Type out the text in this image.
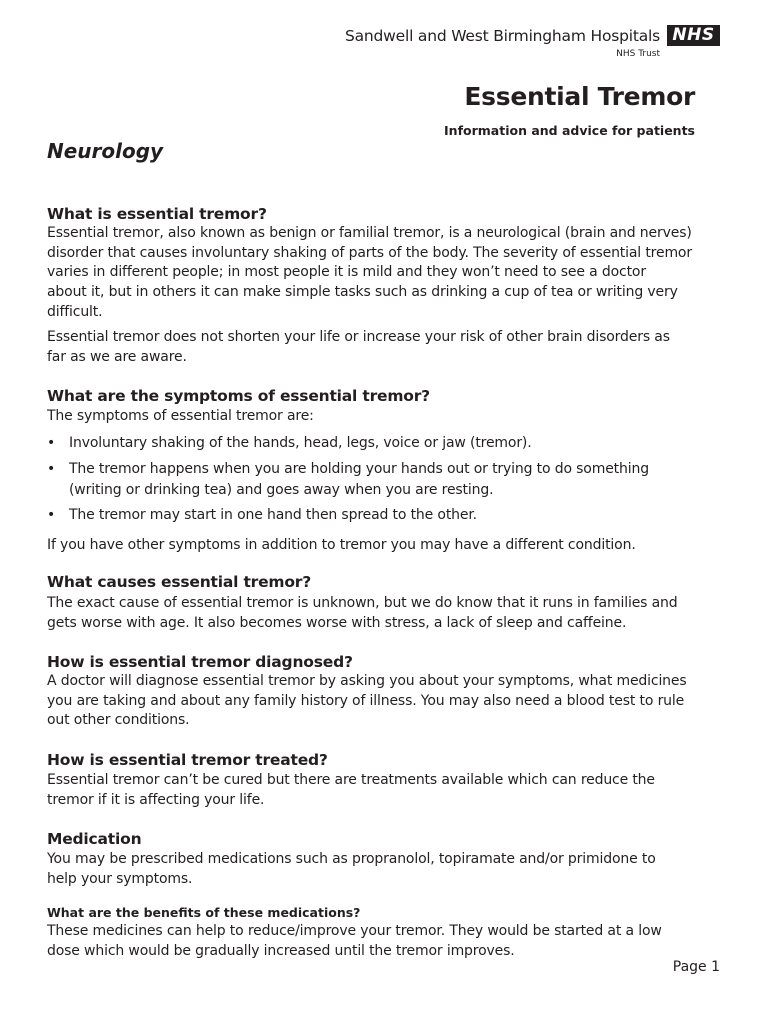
Sandwell and West Birmingham Hospitals NHS
NHS Trust
Essential Tremor
Information and advice for patients
Neurology
What is essential tremor?
Essential tremor, also known as benign or familial tremor, is a neurological (brain and nerves)
disorder that causes involuntary shaking of parts of the body. The severity of essential tremor
varies in different people; in most people it is mild and they won’t need to see a doctor
about it, but in others it can make simple tasks such as drinking a cup of tea or writing very
difficult.
Essential tremor does not shorten your life or increase your risk of other brain disorders as
far as we are aware.
What are the symptoms of essential tremor?
The symptoms of essential tremor are:
• Involuntary shaking of the hands, head, legs, voice or jaw (tremor).
• The tremor happens when you are holding your hands out or trying to do something
(writing or drinking tea) and goes away when you are resting.
• The tremor may start in one hand then spread to the other.
If you have other symptoms in addition to tremor you may have a different condition.
What causes essential tremor?
The exact cause of essential tremor is unknown, but we do know that it runs in families and
gets worse with age. It also becomes worse with stress, a lack of sleep and caffeine.
How is essential tremor diagnosed?
A doctor will diagnose essential tremor by asking you about your symptoms, what medicines
you are taking and about any family history of illness. You may also need a blood test to rule
out other conditions.
How is essential tremor treated?
Essential tremor can’t be cured but there are treatments available which can reduce the
tremor if it is affecting your life.
Medication
You may be prescribed medications such as propranolol, topiramate and/or primidone to
help your symptoms.
What are the benefits of these medications?
These medicines can help to reduce/improve your tremor. They would be started at a low
dose which would be gradually increased until the tremor improves.
Page 1
